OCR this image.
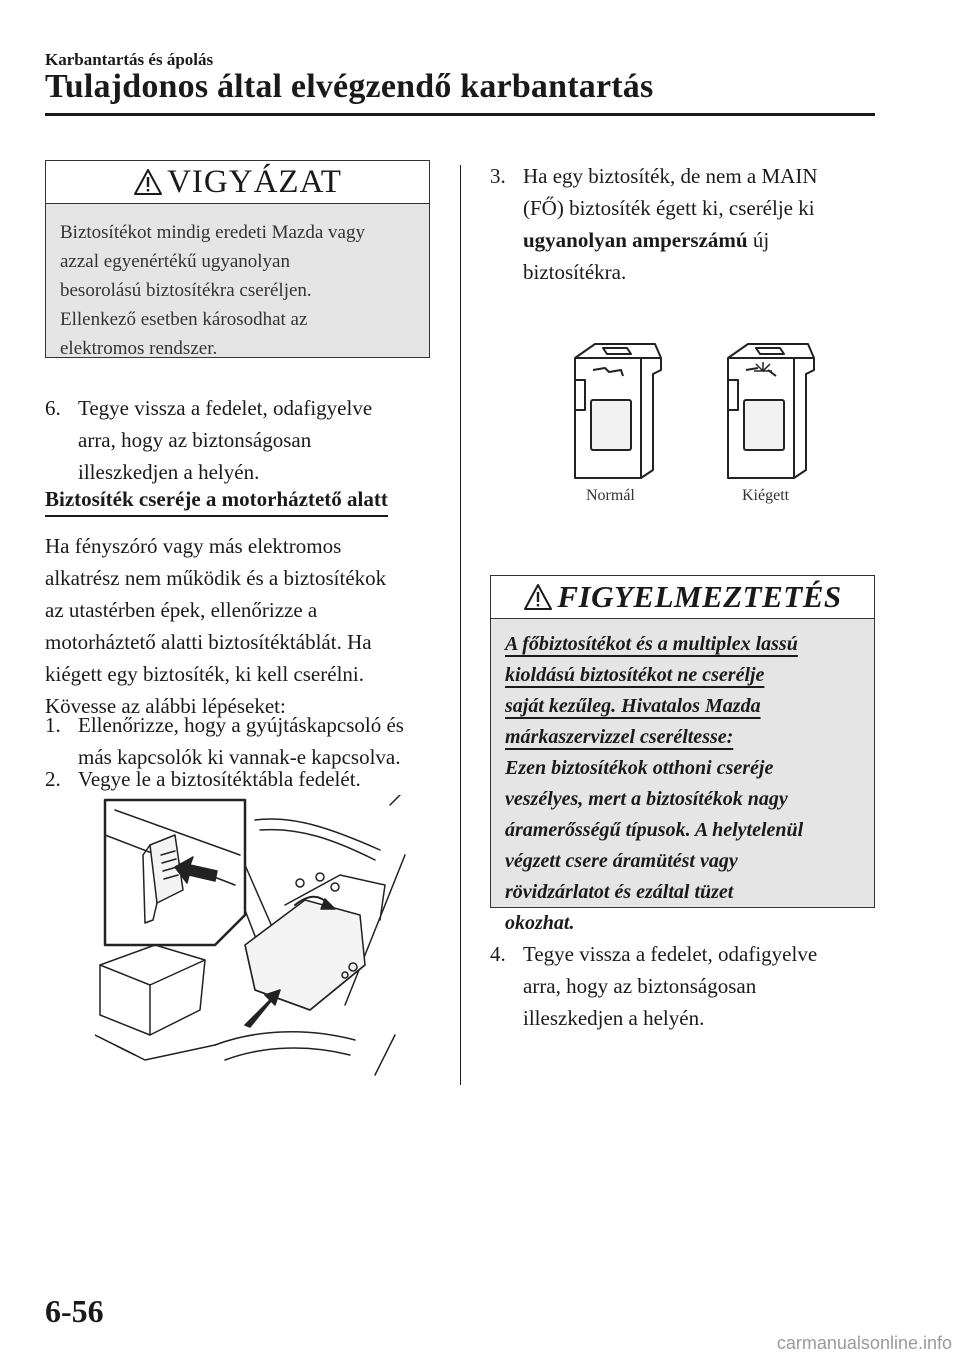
Karbantartás és ápolás
Tulajdonos által elvégzendő karbantartás
VIGYÁZAT
Biztosítékot mindig eredeti Mazda vagy
azzal egyenértékű ugyanolyan
besorolású biztosítékra cseréljen.
Ellenkező esetben károsodhat az
elektromos rendszer.
6. Tegye vissza a fedelet, odafigyelve
arra, hogy az biztonságosan
illeszkedjen a helyén.
Biztosíték cseréje a motorháztető alatt
Ha fényszóró vagy más elektromos
alkatrész nem működik és a biztosítékok
az utastérben épek, ellenőrizze a
motorháztető alatti biztosítéktáblát. Ha
kiégett egy biztosíték, ki kell cserélni.
Kövesse az alábbi lépéseket:
1. Ellenőrizze, hogy a gyújtáskapcsoló és
más kapcsolók ki vannak-e kapcsolva.
2. Vegye le a biztosítéktábla fedelét.
3. Ha egy biztosíték, de nem a MAIN
(FŐ) biztosíték égett ki, cserélje ki
ugyanolyan amperszámú új
biztosítékra.
Normál	Kiégett
FIGYELMEZTETÉS
A főbiztosítékot és a multiplex lassú
kioldású biztosítékot ne cserélje
saját kezűleg. Hivatalos Mazda
márkaszervizzel cseréltesse:
Ezen biztosítékok otthoni cseréje
veszélyes, mert a biztosítékok nagy
áramerősségű típusok. A helytelenül
végzett csere áramütést vagy
rövidzárlatot és ezáltal tüzet
okozhat.
4. Tegye vissza a fedelet, odafigyelve
arra, hogy az biztonságosan
illeszkedjen a helyén.
6-56
carmanualsonline.info
